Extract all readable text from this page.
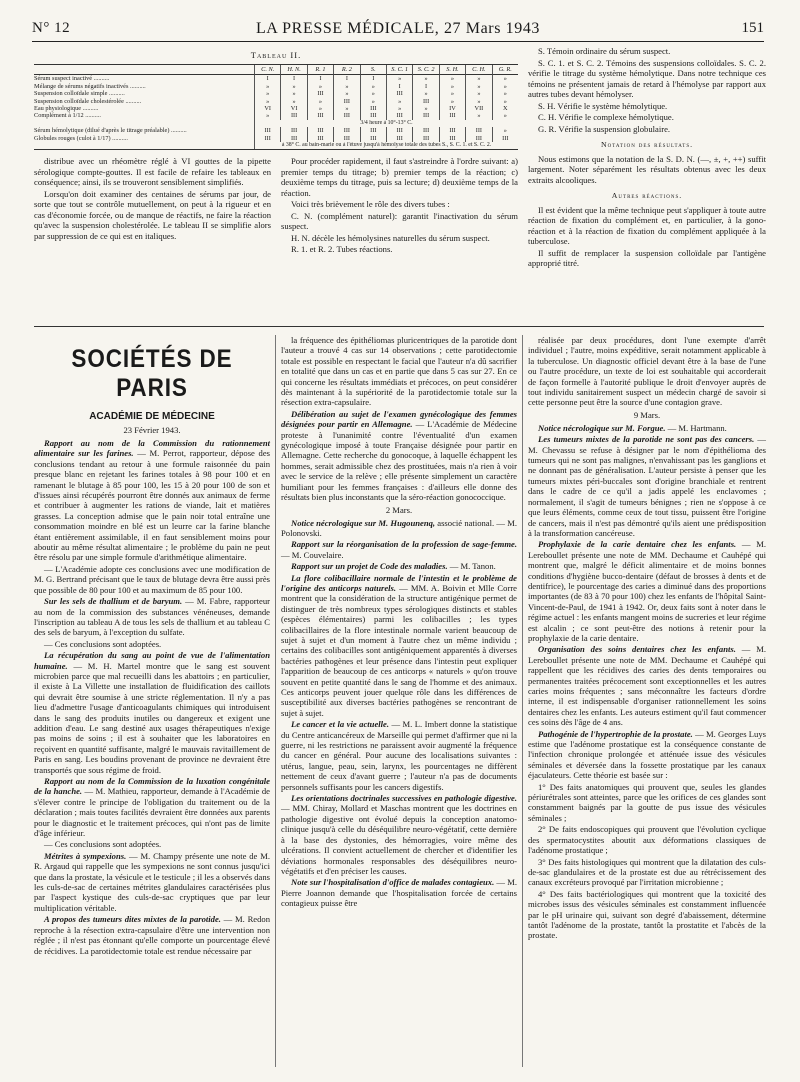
N° 12	LA PRESSE MÉDICALE, 27 Mars 1943	151
Tableau II.
C. N.	H. N.	R. 1	R. 2	S.	S. C. 1	S. C. 2	S. H.	C. H.	G. R.
Sérum suspect inactivé ..........	I	I	I	I	I	»	»	»	»	»
Mélange de sérums négatifs inactivés ..........	»	»	»	»	»	I	I	»	»	»
Suspension colloïdale simple ..........	»	»	III	»	»	III	»	»	»	»
Suspension colloïdale cholestérolée ..........	»	»	»	III	»	»	III	»	»	»
Eau physiologique ..........	VI	VI	»	»	III	»	»	IV	VII	X
Complément à 1/12 ..........	»	III	III	III	III	III	III	III	»	»
3/4 heure à 10°-13° C.
Sérum hémolytique (dilué d'après le titrage préalable) ..........	III	III	III	III	III	III	III	III	III	»
Globules rouges (culot à 1/17) ..........	III	III	III	III	III	III	III	III	III	III
à 38° C. au bain-marie ou à l'étuve jusqu'à hémolyse totale des tubes S., S. C. 1. et S. C. 2.

distribue avec un rhéomètre réglé à VI gouttes de la pipette sérologique compte-gouttes. Il est facile de refaire les tableaux en conséquence; ainsi, ils se trouveront sensiblement simplifiés.

Lorsqu'on doit examiner des centaines de sérums par jour, de sorte que tout se contrôle mutuellement, on peut à la rigueur et en cas d'économie forcée, ou de manque de réactifs, ne faire la réaction qu'avec la suspension cholestérolée. Le tableau II se simplifie alors par suppression de ce qui est en italiques.

Pour procéder rapidement, il faut s'astreindre à l'ordre suivant: a) premier temps du titrage; b) premier temps de la réaction; c) deuxième temps du titrage, puis sa lecture; d) deuxième temps de la réaction.

Voici très brièvement le rôle des divers tubes :

C. N. (complément naturel): garantit l'inactivation du sérum suspect.

H. N. décèle les hémolysines naturelles du sérum suspect.

R. 1. et R. 2. Tubes réactions.

S. Témoin ordinaire du sérum suspect.

S. C. 1. et S. C. 2. Témoins des suspensions colloïdales. S. C. 2. vérifie le titrage du système hémolytique. Dans notre technique ces témoins ne présentent jamais de retard à l'hémolyse par rapport aux autres tubes devant hémolyser.

S. H. Vérifie le système hémolytique.

C. H. Vérifie le complexe hémolytique.

G. R. Vérifie la suspension globulaire.

Notation des résultats.

Nous estimons que la notation de la S. D. N. (—, ±, +, ++) suffit largement. Noter séparément les résultats obtenus avec les deux extraits alcooliques.

Autres réactions.

Il est évident que la même technique peut s'appliquer à toute autre réaction de fixation du complément et, en particulier, à la gono-réaction et à la réaction de fixation du complément appliquée à la tuberculose.

Il suffit de remplacer la suspension colloïdale par l'antigène approprié titré.

SOCIÉTÉS DE PARIS
ACADÉMIE DE MÉDECINE
23 Février 1943.

Rapport au nom de la Commission du rationnement alimentaire sur les farines. — M. Perrot, rapporteur, dépose des conclusions tendant au retour à une formule raisonnée du pain presque blanc en rejetant les farines totales à 98 pour 100 et en ramenant le blutage à 85 pour 100, les 15 à 20 pour 100 de son et d'issues ainsi récupérés pourront être donnés aux animaux de ferme et contribuer à augmenter les rations de viande, lait et matières grasses. La conception admise que le pain noir total entraîne une consommation moindre en blé est un leurre car la farine blanche étant entièrement assimilable, il en faut sensiblement moins pour aboutir au même résultat alimentaire ; le problème du pain ne peut être résolu par une simple formule d'arithmétique alimentaire.

— L'Académie adopte ces conclusions avec une modification de M. G. Bertrand précisant que le taux de blutage devra être aussi près que possible de 80 pour 100 et au maximum de 85 pour 100.

Sur les sels de thallium et de baryum. — M. Fabre, rapporteur au nom de la commission des substances vénéneuses, demande l'inscription au tableau A de tous les sels de thallium et au tableau C des sels de baryum, à l'exception du sulfate.

— Ces conclusions sont adoptées.

La récupération du sang au point de vue de l'alimentation humaine. — M. H. Martel montre que le sang est souvent microbien parce que mal recueilli dans les abattoirs ; en particulier, il existe à La Villette une installation de fluidification des caillots qui devrait être soumise à une stricte réglementation. Il n'y a pas lieu d'admettre l'usage d'anticoagulants chimiques qui introduisent dans le sang des produits inutiles ou dangereux et exigent une addition d'eau. Le sang destiné aux usages thérapeutiques n'exige pas moins de soins ; il est à souhaiter que les laboratoires en reçoivent en quantité suffisante, malgré le mauvais ravitaillement de Paris en sang. Les boudins provenant de province ne devraient être transportés que sous régime de froid.

Rapport au nom de la Commission de la luxation congénitale de la hanche. — M. Mathieu, rapporteur, demande à l'Académie de s'élever contre le principe de l'obligation du traitement ou de la déclaration ; mais toutes facilités devraient être données aux parents pour le diagnostic et le traitement précoces, qui n'ont pas de limite d'âge inférieur.

— Ces conclusions sont adoptées.

Métrites à sympexions. — M. Champy présente une note de M. R. Argaud qui rappelle que les sympexions ne sont connus jusqu'ici que dans la prostate, la vésicule et le testicule ; il les a observés dans les culs-de-sac de certaines métrites glandulaires caractérisées plus par l'aspect kystique des culs-de-sac cryptiques que par leur multiplication véritable.

A propos des tumeurs dites mixtes de la parotide. — M. Redon reproche à la résection extra-capsulaire d'être une intervention non réglée ; il n'est pas étonnant qu'elle comporte un pourcentage élevé de récidives. La parotidectomie totale est rendue nécessaire par

la fréquence des épithéliomas pluricentriques de la parotide dont l'auteur a trouvé 4 cas sur 14 observations ; cette parotidectomie totale est possible en respectant le facial que l'auteur n'a dû sacrifier en totalité que dans un cas et en partie que dans 5 cas sur 27. En ce qui concerne les résultats immédiats et précoces, on peut considérer dès maintenant à la supériorité de la parotidectomie totale sur la résection extra-capsulaire.

Délibération au sujet de l'examen gynécologique des femmes désignées pour partir en Allemagne. — L'Académie de Médecine proteste à l'unanimité contre l'éventualité d'un examen gynécologique imposé à toute Française désignée pour partir en Allemagne. Cette recherche du gonocoque, à laquelle échappent les hommes, serait admissible chez des prostituées, mais n'a rien à voir avec le service de la relève ; elle présente simplement un caractère humiliant pour les femmes françaises : d'ailleurs elle donne des résultats bien plus inconstants que la séro-réaction gonococcique.

2 Mars.

Notice nécrologique sur M. Hugounenq, associé national. — M. Polonovski.

Rapport sur la réorganisation de la profession de sage-femme. — M. Couvelaire.

Rapport sur un projet de Code des maladies. — M. Tanon.

La flore colibacillaire normale de l'intestin et le problème de l'origine des anticorps naturels. — MM. A. Boivin et Mlle Corre montrent que la considération de la structure antigénique permet de distinguer de très nombreux types sérologiques distincts et stables (espèces élémentaires) parmi les colibacilles ; les types colibacillaires de la flore intestinale normale varient beaucoup de sujet à sujet et d'un moment à l'autre chez un même individu ; certains des colibacilles sont antigéniquement apparentés à diverses bactéries pathogènes et leur présence dans l'intestin peut expliquer l'apparition de beaucoup de ces anticorps « naturels » qu'on trouve souvent en petite quantité dans le sang de l'homme et des animaux. Ces anticorps peuvent jouer quelque rôle dans les différences de susceptibilité aux diverses bactéries pathogènes se rencontrant de sujet à sujet.

Le cancer et la vie actuelle. — M. L. Imbert donne la statistique du Centre anticancéreux de Marseille qui permet d'affirmer que ni la guerre, ni les restrictions ne paraissent avoir augmenté la fréquence du cancer en général. Pour aucune des localisations suivantes : utérus, langue, peau, sein, larynx, les pourcentages ne diffèrent nettement de ceux d'avant guerre ; l'auteur n'a pas de documents personnels suffisants pour les cancers digestifs.

Les orientations doctrinales successives en pathologie digestive. — MM. Chiray, Mollard et Maschas montrent que les doctrines en pathologie digestive ont évolué depuis la conception anatomo-clinique jusqu'à celle du déséquilibre neuro-végétatif, cette dernière à la base des dystonies, des hémorragies, voire même des ulcérations. Il convient actuellement de chercher et d'identifier les déviations hormonales responsables des déséquilibres neuro-végétatifs et d'en préciser les causes.

Note sur l'hospitalisation d'office de malades contagieux. — M. Pierre Joannon demande que l'hospitalisation forcée de certains contagieux puisse être

réalisée par deux procédures, dont l'une exempte d'arrêt individuel ; l'autre, moins expéditive, serait notamment applicable à la tuberculose. Un diagnostic officiel devant être à la base de l'une ou l'autre procédure, un texte de loi est souhaitable qui accorderait de façon formelle à l'autorité publique le droit d'envoyer auprès de tout individu sanitairement suspect un médecin chargé de savoir si cette personne peut être la source d'une contagion grave.

9 Mars.

Notice nécrologique sur M. Forgue. — M. Hartmann.

Les tumeurs mixtes de la parotide ne sont pas des cancers. — M. Chevassu se refuse à désigner par le nom d'épithélioma des tumeurs qui ne sont pas malignes, n'envahissant pas les ganglions et ne donnant pas de généralisation. L'auteur persiste à penser que les tumeurs mixtes péri-buccales sont d'origine branchiale et rentrent dans le cadre de ce qu'il a jadis appelé les enclavomes ; normalement, il s'agit de tumeurs bénignes ; rien ne s'oppose à ce que leurs éléments, comme ceux de tout tissu, puissent être l'origine de cancers, mais il n'est pas démontré qu'ils aient une prédisposition à la transformation cancéreuse.

Prophylaxie de la carie dentaire chez les enfants. — M. Lereboullet présente une note de MM. Dechaume et Cauhépé qui montrent que, malgré le déficit alimentaire et de moins bonnes conditions d'hygiène bucco-dentaire (défaut de brosses à dents et de dentifrice), le pourcentage des caries a diminué dans des proportions importantes (de 83 à 70 pour 100) chez les enfants de l'hôpital Saint-Vincent-de-Paul, de 1941 à 1942. Or, deux faits sont à noter dans le régime actuel : les enfants mangent moins de sucreries et leur régime est alcalin ; ce sont peut-être des notions à retenir pour la prophylaxie de la carie dentaire.

Organisation des soins dentaires chez les enfants. — M. Lereboullet présente une note de MM. Dechaume et Cauhépé qui rappellent que les récidives des caries des dents temporaires ou permanentes traitées précocement sont exceptionnelles et les autres caries moins fréquentes ; sans méconnaître les facteurs d'ordre interne, il est indispensable d'organiser rationnellement les soins dentaires chez les enfants. Les auteurs estiment qu'il faut commencer ces soins dès l'âge de 4 ans.

Pathogénie de l'hypertrophie de la prostate. — M. Georges Luys estime que l'adénome prostatique est la conséquence constante de l'infection chronique prolongée et atténuée issue des vésicules séminales et déversée dans la fossette prostatique par les canaux éjaculateurs. Cette théorie est basée sur :

1° Des faits anatomiques qui prouvent que, seules les glandes périurétrales sont atteintes, parce que les orifices de ces glandes sont constamment baignés par la goutte de pus issue des vésicules séminales ;

2° De faits endoscopiques qui prouvent que l'évolution cyclique des spermatocystites aboutit aux déformations classiques de l'adénome prostatique ;

3° Des faits histologiques qui montrent que la dilatation des culs-de-sac glandulaires et de la prostate est due au rétrécissement des canaux excréteurs provoqué par l'irritation microbienne ;

4° Des faits bactériologiques qui montrent que la toxicité des microbes issus des vésicules séminales est constamment influencée par le pH urinaire qui, suivant son degré d'abaissement, détermine tantôt l'adénome de la prostate, tantôt la prostatite et l'abcès de la prostate.
